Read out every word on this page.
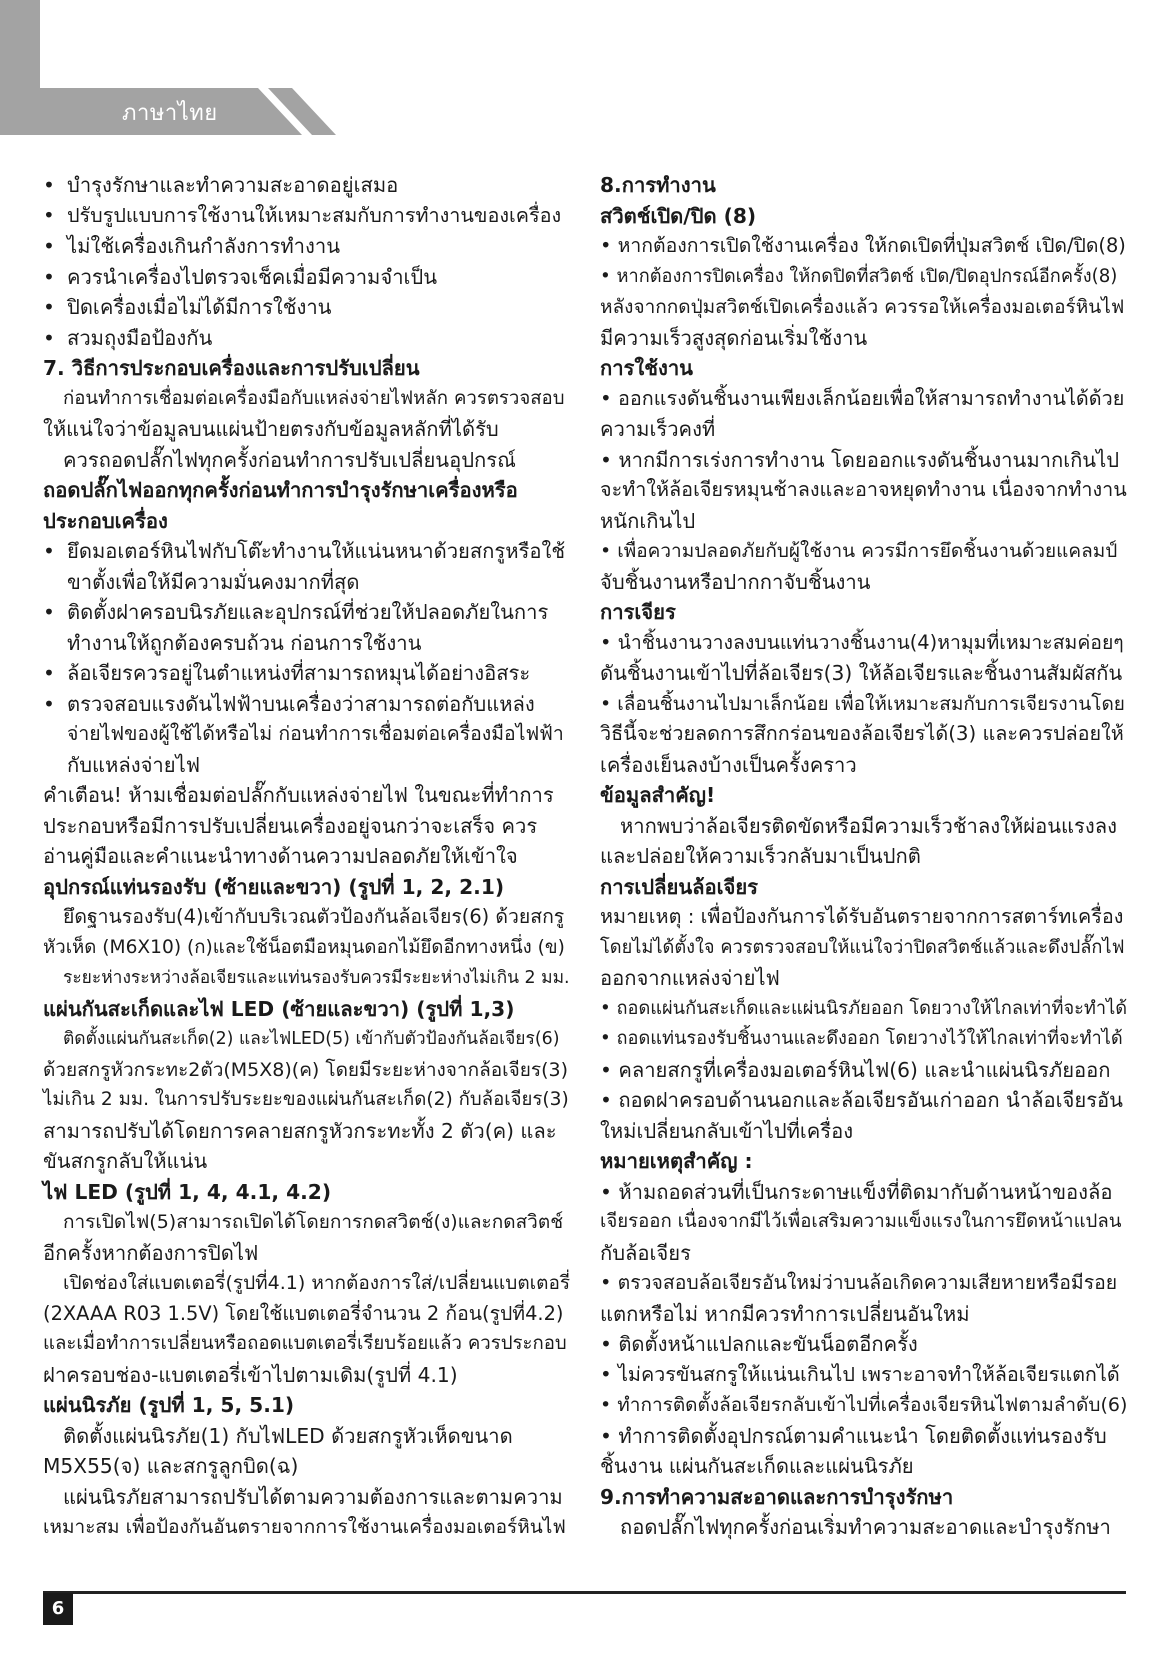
ภาษาไทย

• บำรุงรักษาและทำความสะอาดอยู่เสมอ

• ปรับรูปแบบการใช้งานให้เหมาะสมกับการทำงานของเครื่อง

• ไม่ใช้เครื่องเกินกำลังการทำงาน

• ควรนำเครื่องไปตรวจเช็คเมื่อมีความจำเป็น

• ปิดเครื่องเมื่อไม่ได้มีการใช้งาน

• สวมถุงมือป้องกัน

7. วิธีการประกอบเครื่องและการปรับเปลี่ยน

ก่อนทำการเชื่อมต่อเครื่องมือกับแหล่งจ่ายไฟหลัก ควรตรวจสอบ

ให้แน่ใจว่าข้อมูลบนแผ่นป้ายตรงกับข้อมูลหลักที่ได้รับ

ควรถอดปลั๊กไฟทุกครั้งก่อนทำการปรับเปลี่ยนอุปกรณ์

ถอดปลั๊กไฟออกทุกครั้งก่อนทำการบำรุงรักษาเครื่องหรือ

ประกอบเครื่อง

• ยึดมอเตอร์หินไฟกับโต๊ะทำงานให้แน่นหนาด้วยสกรูหรือใช้

ขาตั้งเพื่อให้มีความมั่นคงมากที่สุด

• ติดตั้งฝาครอบนิรภัยและอุปกรณ์ที่ช่วยให้ปลอดภัยในการ

ทำงานให้ถูกต้องครบถ้วน ก่อนการใช้งาน

• ล้อเจียรควรอยู่ในตำแหน่งที่สามารถหมุนได้อย่างอิสระ

• ตรวจสอบแรงดันไฟฟ้าบนเครื่องว่าสามารถต่อกับแหล่ง

จ่ายไฟของผู้ใช้ได้หรือไม่ ก่อนทำการเชื่อมต่อเครื่องมือไฟฟ้า

กับแหล่งจ่ายไฟ

คำเตือน! ห้ามเชื่อมต่อปลั๊กกับแหล่งจ่ายไฟ ในขณะที่ทำการ

ประกอบหรือมีการปรับเปลี่ยนเครื่องอยู่จนกว่าจะเสร็จ ควร

อ่านคู่มือและคำแนะนำทางด้านความปลอดภัยให้เข้าใจ

อุปกรณ์แท่นรองรับ (ซ้ายและขวา) (รูปที่ 1, 2, 2.1)

ยึดฐานรองรับ(4)เข้ากับบริเวณตัวป้องกันล้อเจียร(6) ด้วยสกรู

หัวเห็ด (M6X10) (ก)และใช้น็อตมือหมุนดอกไม้ยึดอีกทางหนึ่ง (ข)

ระยะห่างระหว่างล้อเจียรและแท่นรองรับควรมีระยะห่างไม่เกิน 2 มม.

แผ่นกันสะเก็ดและไฟ LED (ซ้ายและขวา) (รูปที่ 1,3)

ติดตั้งแผ่นกันสะเก็ด(2) และไฟLED(5) เข้ากับตัวป้องกันล้อเจียร(6)

ด้วยสกรูหัวกระทะ2ตัว(M5X8)(ค) โดยมีระยะห่างจากล้อเจียร(3)

ไม่เกิน 2 มม. ในการปรับระยะของแผ่นกันสะเก็ด(2) กับล้อเจียร(3)

สามารถปรับได้โดยการคลายสกรูหัวกระทะทั้ง 2 ตัว(ค) และ

ขันสกรูกลับให้แน่น

ไฟ LED (รูปที่ 1, 4, 4.1, 4.2)

การเปิดไฟ(5)สามารถเปิดได้โดยการกดสวิตช์(ง)และกดสวิตช์

อีกครั้งหากต้องการปิดไฟ

เปิดช่องใส่แบตเตอรี่(รูปที่4.1) หากต้องการใส่/เปลี่ยนแบตเตอรี่

(2XAAA R03 1.5V) โดยใช้แบตเตอรี่จำนวน 2 ก้อน(รูปที่4.2)

และเมื่อทำการเปลี่ยนหรือถอดแบตเตอรี่เรียบร้อยแล้ว ควรประกอบ

ฝาครอบช่อง-แบตเตอรี่เข้าไปตามเดิม(รูปที่ 4.1)

แผ่นนิรภัย (รูปที่ 1, 5, 5.1)

ติดตั้งแผ่นนิรภัย(1) กับไฟLED ด้วยสกรูหัวเห็ดขนาด

M5X55(จ) และสกรูลูกบิด(ฉ)

แผ่นนิรภัยสามารถปรับได้ตามความต้องการและตามความ

เหมาะสม เพื่อป้องกันอันตรายจากการใช้งานเครื่องมอเตอร์หินไฟ

8.การทำงาน

สวิตช์เปิด/ปิด (8)

• หากต้องการเปิดใช้งานเครื่อง ให้กดเปิดที่ปุ่มสวิตช์ เปิด/ปิด(8)

• หากต้องการปิดเครื่อง ให้กดปิดที่สวิตช์ เปิด/ปิดอุปกรณ์อีกครั้ง(8)

หลังจากกดปุ่มสวิตช์เปิดเครื่องแล้ว ควรรอให้เครื่องมอเตอร์หินไฟ

มีความเร็วสูงสุดก่อนเริ่มใช้งาน

การใช้งาน

• ออกแรงดันชิ้นงานเพียงเล็กน้อยเพื่อให้สามารถทำงานได้ด้วย

ความเร็วคงที่

• หากมีการเร่งการทำงาน โดยออกแรงดันชิ้นงานมากเกินไป

จะทำให้ล้อเจียรหมุนช้าลงและอาจหยุดทำงาน เนื่องจากทำงาน

หนักเกินไป

• เพื่อความปลอดภัยกับผู้ใช้งาน ควรมีการยึดชิ้นงานด้วยแคลมป์

จับชิ้นงานหรือปากกาจับชิ้นงาน

การเจียร

• นำชิ้นงานวางลงบนแท่นวางชิ้นงาน(4)หามุมที่เหมาะสมค่อยๆ

ดันชิ้นงานเข้าไปที่ล้อเจียร(3) ให้ล้อเจียรและชิ้นงานสัมผัสกัน

• เลื่อนชิ้นงานไปมาเล็กน้อย เพื่อให้เหมาะสมกับการเจียรงานโดย

วิธีนี้จะช่วยลดการสึกกร่อนของล้อเจียรได้(3) และควรปล่อยให้

เครื่องเย็นลงบ้างเป็นครั้งคราว

ข้อมูลสำคัญ!

หากพบว่าล้อเจียรติดขัดหรือมีความเร็วช้าลงให้ผ่อนแรงลง

และปล่อยให้ความเร็วกลับมาเป็นปกติ

การเปลี่ยนล้อเจียร

หมายเหตุ : เพื่อป้องกันการได้รับอันตรายจากการสตาร์ทเครื่อง

โดยไม่ได้ตั้งใจ ควรตรวจสอบให้แน่ใจว่าปิดสวิตช์แล้วและดึงปลั๊กไฟ

ออกจากแหล่งจ่ายไฟ

• ถอดแผ่นกันสะเก็ดและแผ่นนิรภัยออก โดยวางให้ไกลเท่าที่จะทำได้

• ถอดแท่นรองรับชิ้นงานและดึงออก โดยวางไว้ให้ไกลเท่าที่จะทำได้

• คลายสกรูที่เครื่องมอเตอร์หินไฟ(6) และนำแผ่นนิรภัยออก

• ถอดฝาครอบด้านนอกและล้อเจียรอันเก่าออก นำล้อเจียรอัน

ใหม่เปลี่ยนกลับเข้าไปที่เครื่อง

หมายเหตุสำคัญ :

• ห้ามถอดส่วนที่เป็นกระดาษแข็งที่ติดมากับด้านหน้าของล้อ

เจียรออก เนื่องจากมีไว้เพื่อเสริมความแข็งแรงในการยึดหน้าแปลน

กับล้อเจียร

• ตรวจสอบล้อเจียรอันใหม่ว่าบนล้อเกิดความเสียหายหรือมีรอย

แตกหรือไม่ หากมีควรทำการเปลี่ยนอันใหม่

• ติดตั้งหน้าแปลกและขันน็อตอีกครั้ง

• ไม่ควรขันสกรูให้แน่นเกินไป เพราะอาจทำให้ล้อเจียรแตกได้

• ทำการติดตั้งล้อเจียรกลับเข้าไปที่เครื่องเจียรหินไฟตามลำดับ(6)

• ทำการติดตั้งอุปกรณ์ตามคำแนะนำ โดยติดตั้งแท่นรองรับ

ชิ้นงาน แผ่นกันสะเก็ดและแผ่นนิรภัย

9.การทำความสะอาดและการบำรุงรักษา

ถอดปลั๊กไฟทุกครั้งก่อนเริ่มทำความสะอาดและบำรุงรักษา

6
